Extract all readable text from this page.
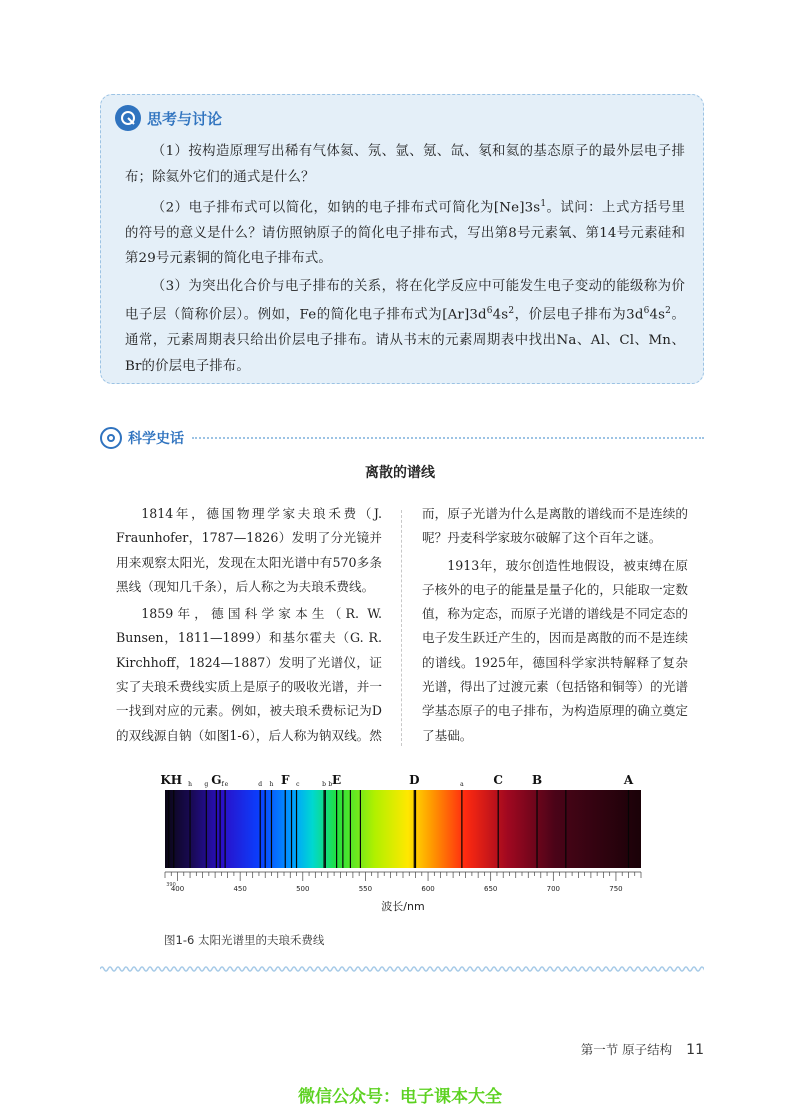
思考与讨论

（1）按构造原理写出稀有气体氦、氖、氩、氪、氙、氡和氦的基态原子的最外层电子排布；除氦外它们的通式是什么？

（2）电子排布式可以简化，如钠的电子排布式可简化为$[Ne]3s^1$。试问：上式方括号里的符号的意义是什么？请仿照钠原子的简化电子排布式，写出第8号元素氧、第14号元素硅和第29号元素铜的简化电子排布式。

（3）为突出化合价与电子排布的关系，将在化学反应中可能发生电子变动的能级称为价电子层（简称价层）。例如，Fe的简化电子排布式为$[Ar]3d^64s^2$，价层电子排布为$3d^64s^2$。通常，元素周期表只给出价层电子排布。请从书末的元素周期表中找出Na、Al、Cl、Mn、Br的价层电子排布。

科学史话
离散的谱线

1814年，德国物理学家夫琅禾费（J. Fraunhofer，1787—1826）发明了分光镜并用来观察太阳光，发现在太阳光谱中有570多条黑线（现知几千条），后人称之为夫琅禾费线。

1859年，德国科学家本生（R. W. Bunsen，1811—1899）和基尔霍夫（G. R. Kirchhoff，1824—1887）发明了光谱仪，证实了夫琅禾费线实质上是原子的吸收光谱，并一一找到对应的元素。例如，被夫琅禾费标记为D的双线源自钠（如图1-6），后人称为钠双线。然

而，原子光谱为什么是离散的谱线而不是连续的呢？丹麦科学家玻尔破解了这个百年之谜。

1913年，玻尔创造性地假设，被束缚在原子核外的电子的能量是量子化的，只能取一定数值，称为定态，而原子光谱的谱线是不同定态的电子发生跃迁产生的，因而是离散的而不是连续的谱线。1925年，德国科学家洪特解释了复杂光谱，得出了过渡元素（包括铬和铜等）的光谱学基态原子的电子排布，为构造原理的确立奠定了基础。

KH h g G f e	d h F c	b b E	D	a C B	A
400	450	500	550	600	650	700	750
390
波长/nm
图1-6 太阳光谱里的夫琅禾费线
第一节 原子结构 11
微信公众号：电子课本大全
